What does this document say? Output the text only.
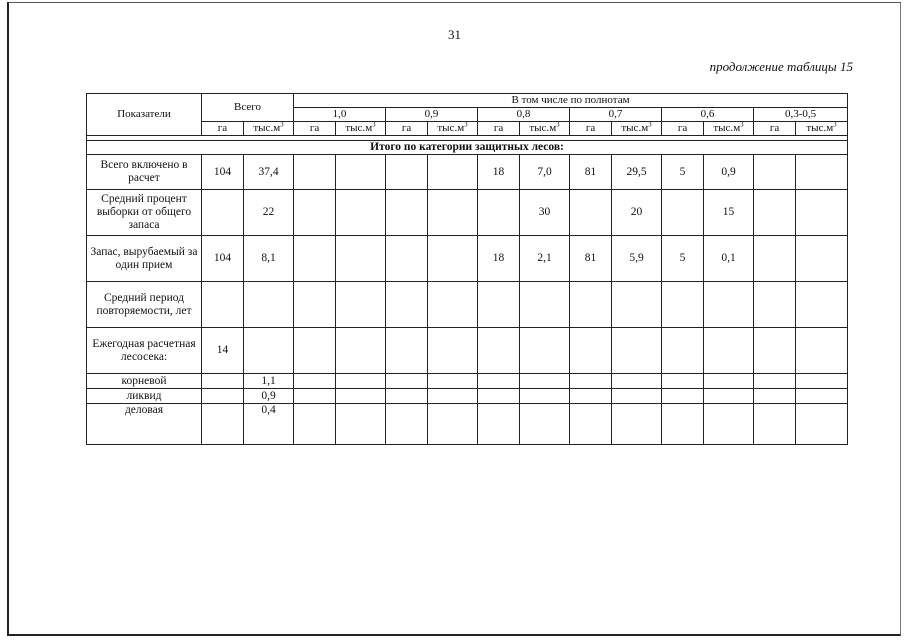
31
продолжение таблицы 15
Показатели	Всего		В том числе по полнотам											
			1,0		0,9		0,8		0,7		0,6		0,3-0,5	
	га	$тыс.м^3$	га	$тыс.м^3$	га	$тыс.м^3$	га	$тыс.м^3$	га	$тыс.м^3$	га	$тыс.м^3$	га	$тыс.м^3$

Итого по категории защитных лесов:														
Всего включено в расчет	104	37,4					18	7,0	81	29,5	5	0,9		
Средний процент выборки от общего запаса		22						30		20		15		
Запас, вырубаемый за один прием	104	8,1					18	2,1	81	5,9	5	0,1		
Средний период повторяемости, лет														
Ежегодная расчетная лесосека:	14													
корневой		1,1												
ликвид		0,9												
деловая		0,4												
